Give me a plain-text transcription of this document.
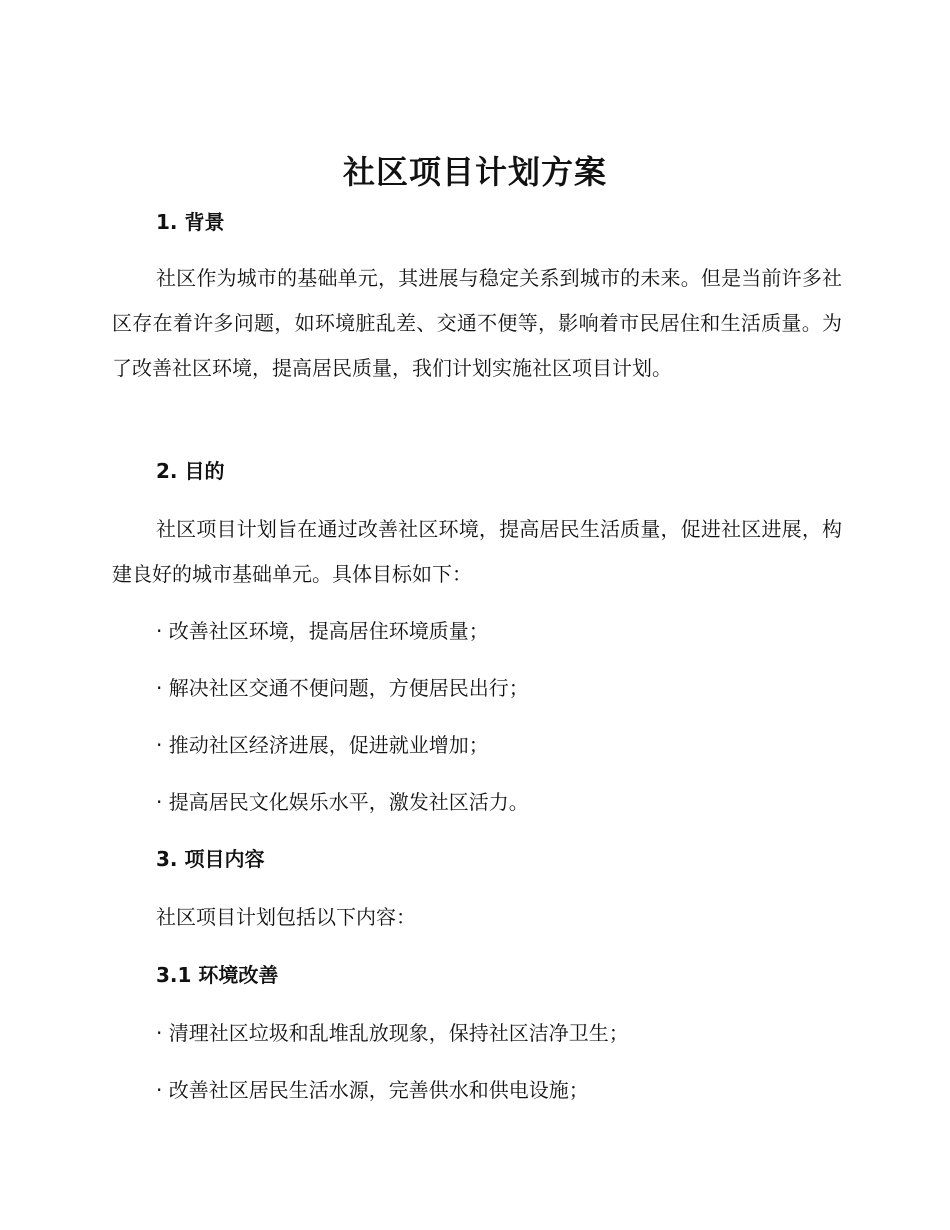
社区项目计划方案
1. 背景

社区作为城市的基础单元，其进展与稳定关系到城市的未来。但是当前许多社区存在着许多问题，如环境脏乱差、交通不便等，影响着市民居住和生活质量。为了改善社区环境，提高居民质量，我们计划实施社区项目计划。

2. 目的

社区项目计划旨在通过改善社区环境，提高居民生活质量，促进社区进展，构建良好的城市基础单元。具体目标如下：

· 改善社区环境，提高居住环境质量；
· 解决社区交通不便问题，方便居民出行；
· 推动社区经济进展，促进就业增加；
· 提高居民文化娱乐水平，激发社区活力。
3. 项目内容
社区项目计划包括以下内容：
3.1 环境改善
· 清理社区垃圾和乱堆乱放现象，保持社区洁净卫生；
· 改善社区居民生活水源，完善供水和供电设施；
